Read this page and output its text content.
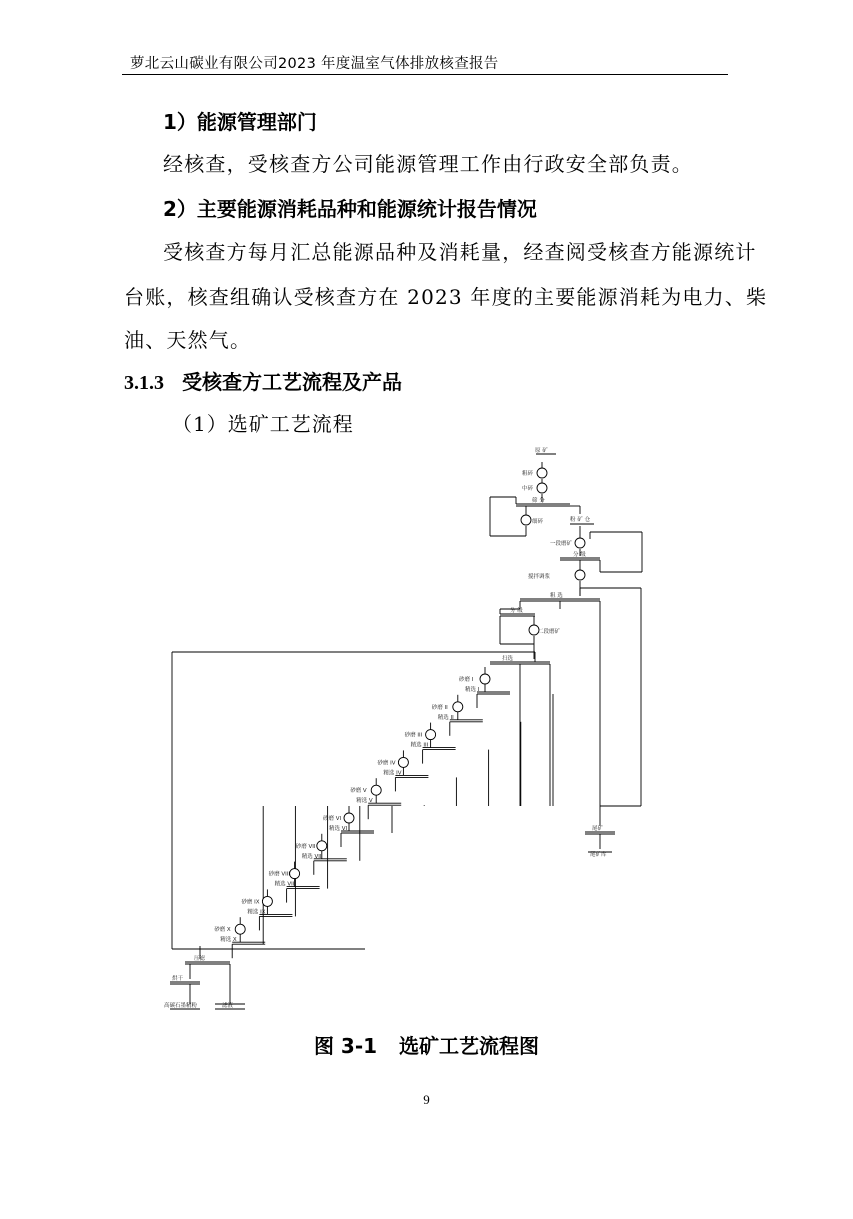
萝北云山碳业有限公司2023 年度温室气体排放核查报告
1）能源管理部门
经核查，受核查方公司能源管理工作由行政安全部负责。
2）主要能源消耗品种和能源统计报告情况
受核查方每月汇总能源品种及消耗量，经查阅受核查方能源统计
台账，核查组确认受核查方在 2023 年度的主要能源消耗为电力、柴
油、天然气。
3.1.3 受核查方工艺流程及产品
（1）选矿工艺流程
砂磨 I
精选 I
砂磨 II
精选 II
砂磨 III
精选 III
砂磨 IV
精选 IV
砂磨 V
精选 V
砂磨 VI
精选 VI
砂磨 VII
精选 VII
砂磨 VIII
精选 VIII
砂磨 IX
精选 IX
砂磨 X
精选 X
原 矿
粗碎
中碎
筛 分
细碎	粉 矿 仓
一段磨矿
分 级
搅拌调浆
粗 选
分 级
二段磨矿
扫选
尾矿
尾矿库
压滤
烘干
高碳石墨精粉	滤液
图 3-1 选矿工艺流程图
9
